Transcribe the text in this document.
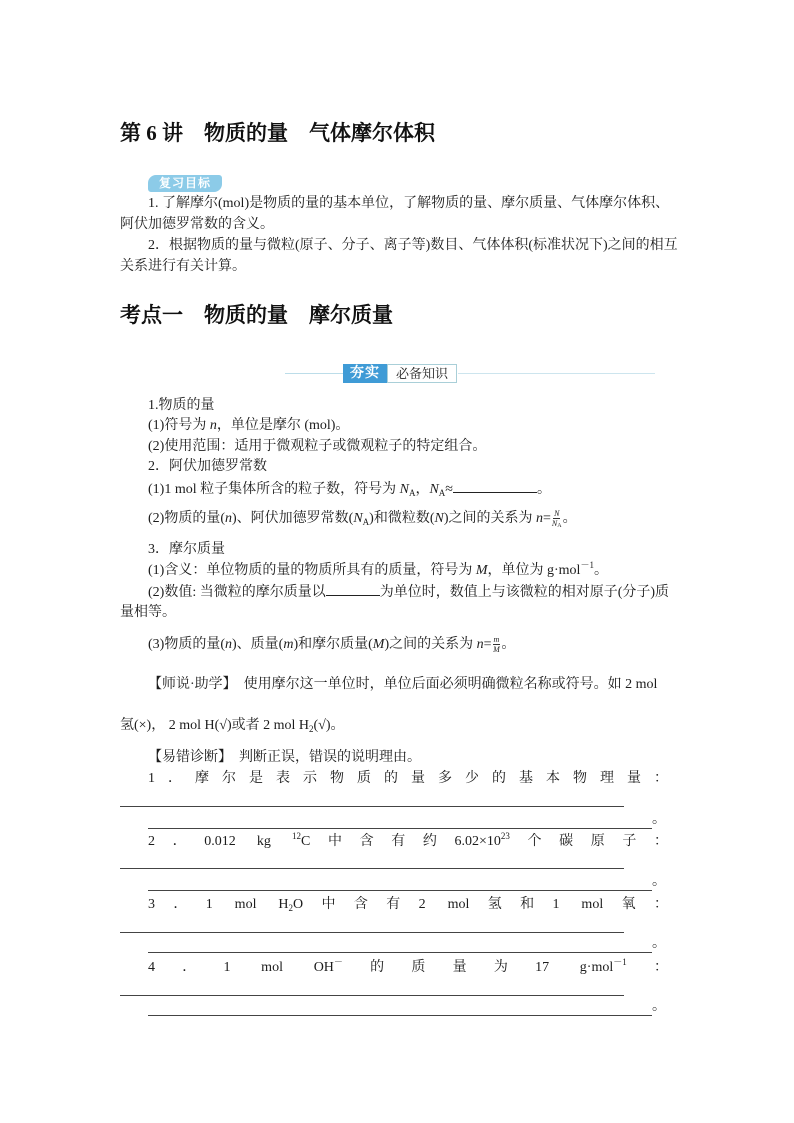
第 6 讲　物质的量　气体摩尔体积
复习目标
1. 了解摩尔(mol)是物质的量的基本单位，了解物质的量、摩尔质量、气体摩尔体积、
阿伏加德罗常数的含义。
2．根据物质的量与微粒(原子、分子、离子等)数目、气体体积(标准状况下)之间的相互
关系进行有关计算。
考点一　物质的量　摩尔质量
夯实	必备知识
1.物质的量
(1)符号为 n，单位是摩尔 (mol)。
(2)使用范围：适用于微观粒子或微观粒子的特定组合。
2．阿伏加德罗常数
(1)1 mol 粒子集体所含的粒子数，符号为 $N_A$，$N_A\approx$	。
(2)物质的量(n)、阿伏加德罗常数$(N_A)$和微粒数(N)之间的关系为 $n= \frac{N}{N_A}$ 。
3．摩尔质量
(1)含义：单位物质的量的物质所具有的质量，符号为 M，单位为 g·mol$^{-1}$。
(2)数值: 当微粒的摩尔质量以	为单位时，数值上与该微粒的相对原子(分子)质
量相等。
(3)物质的量(n)、质量(m)和摩尔质量(M)之间的关系为 $n= \frac{m}{M}$ 。
【师说·助学】　使用摩尔这一单位时，单位后面必须明确微粒名称或符号。如 2 mol
氢(×)， 2 mol H(√)或者 2 mol $H_2(√)$。
【易错诊断】　判断正误，错误的说明理由。
1．摩尔是表示物质的量多少的基本物理量：
。
2．0.012 kg $^{12}$C中含有约$6.02\times 10^{23}$个碳原子：
。
3．1 mol $H_2O$中含有2 mol氢和1 mol氧：
。
4．1 mol OH－的质量为17 g·mol$^{-1}$：
。
